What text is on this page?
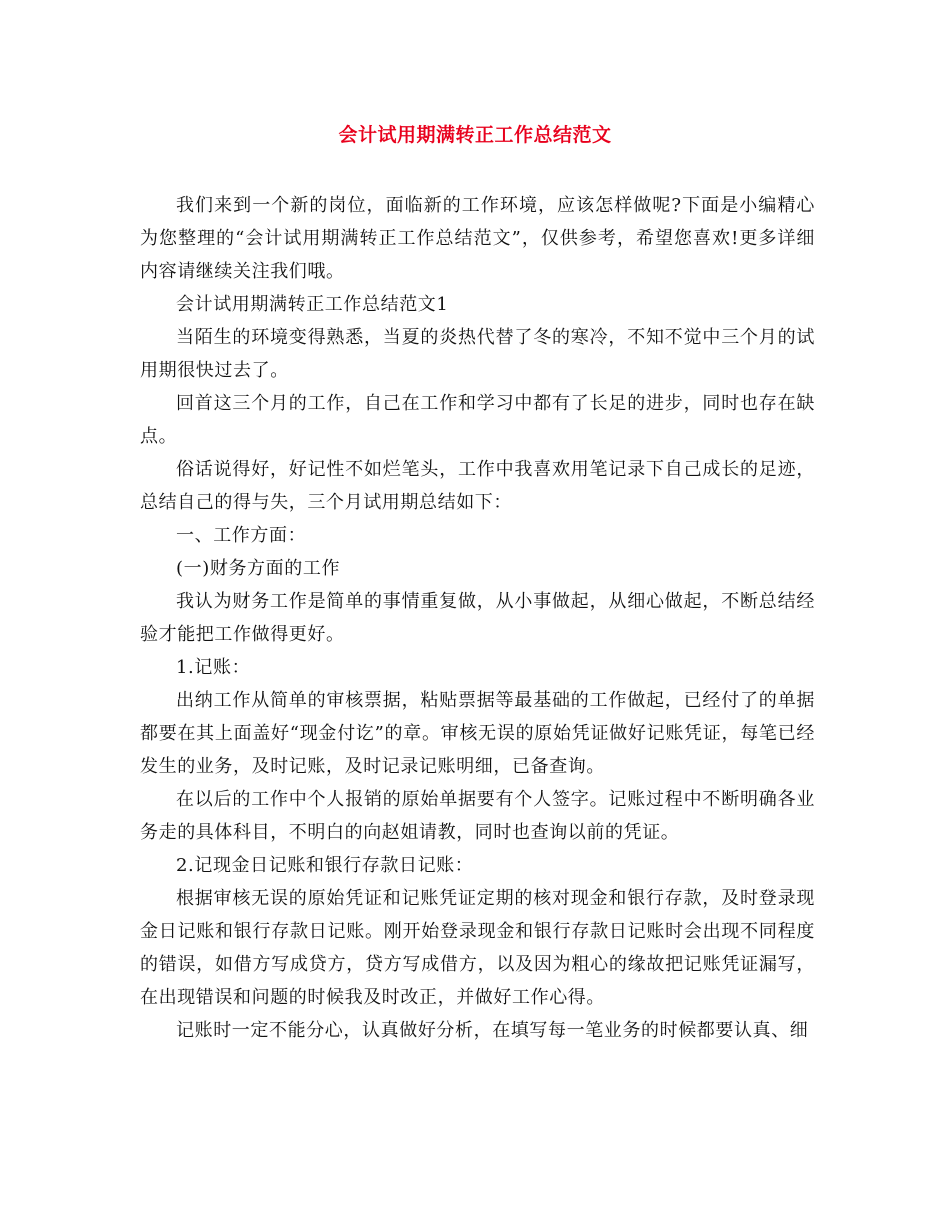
会计试用期满转正工作总结范文

我们来到一个新的岗位，面临新的工作环境，应该怎样做呢?下面是小编精心为您整理的“会计试用期满转正工作总结范文”，仅供参考，希望您喜欢!更多详细内容请继续关注我们哦。

会计试用期满转正工作总结范文1

当陌生的环境变得熟悉，当夏的炎热代替了冬的寒冷，不知不觉中三个月的试用期很快过去了。

回首这三个月的工作，自己在工作和学习中都有了长足的进步，同时也存在缺点。

俗话说得好，好记性不如烂笔头，工作中我喜欢用笔记录下自己成长的足迹，总结自己的得与失，三个月试用期总结如下：

一、工作方面：

(一)财务方面的工作

我认为财务工作是简单的事情重复做，从小事做起，从细心做起，不断总结经验才能把工作做得更好。

1.记账：

出纳工作从简单的审核票据，粘贴票据等最基础的工作做起，已经付了的单据都要在其上面盖好“现金付讫”的章。审核无误的原始凭证做好记账凭证，每笔已经发生的业务，及时记账，及时记录记账明细，已备查询。

在以后的工作中个人报销的原始单据要有个人签字。记账过程中不断明确各业务走的具体科目，不明白的向赵姐请教，同时也查询以前的凭证。

2.记现金日记账和银行存款日记账：

根据审核无误的原始凭证和记账凭证定期的核对现金和银行存款，及时登录现金日记账和银行存款日记账。刚开始登录现金和银行存款日记账时会出现不同程度的错误，如借方写成贷方，贷方写成借方，以及因为粗心的缘故把记账凭证漏写，在出现错误和问题的时候我及时改正，并做好工作心得。

记账时一定不能分心，认真做好分析，在填写每一笔业务的时候都要认真、细
